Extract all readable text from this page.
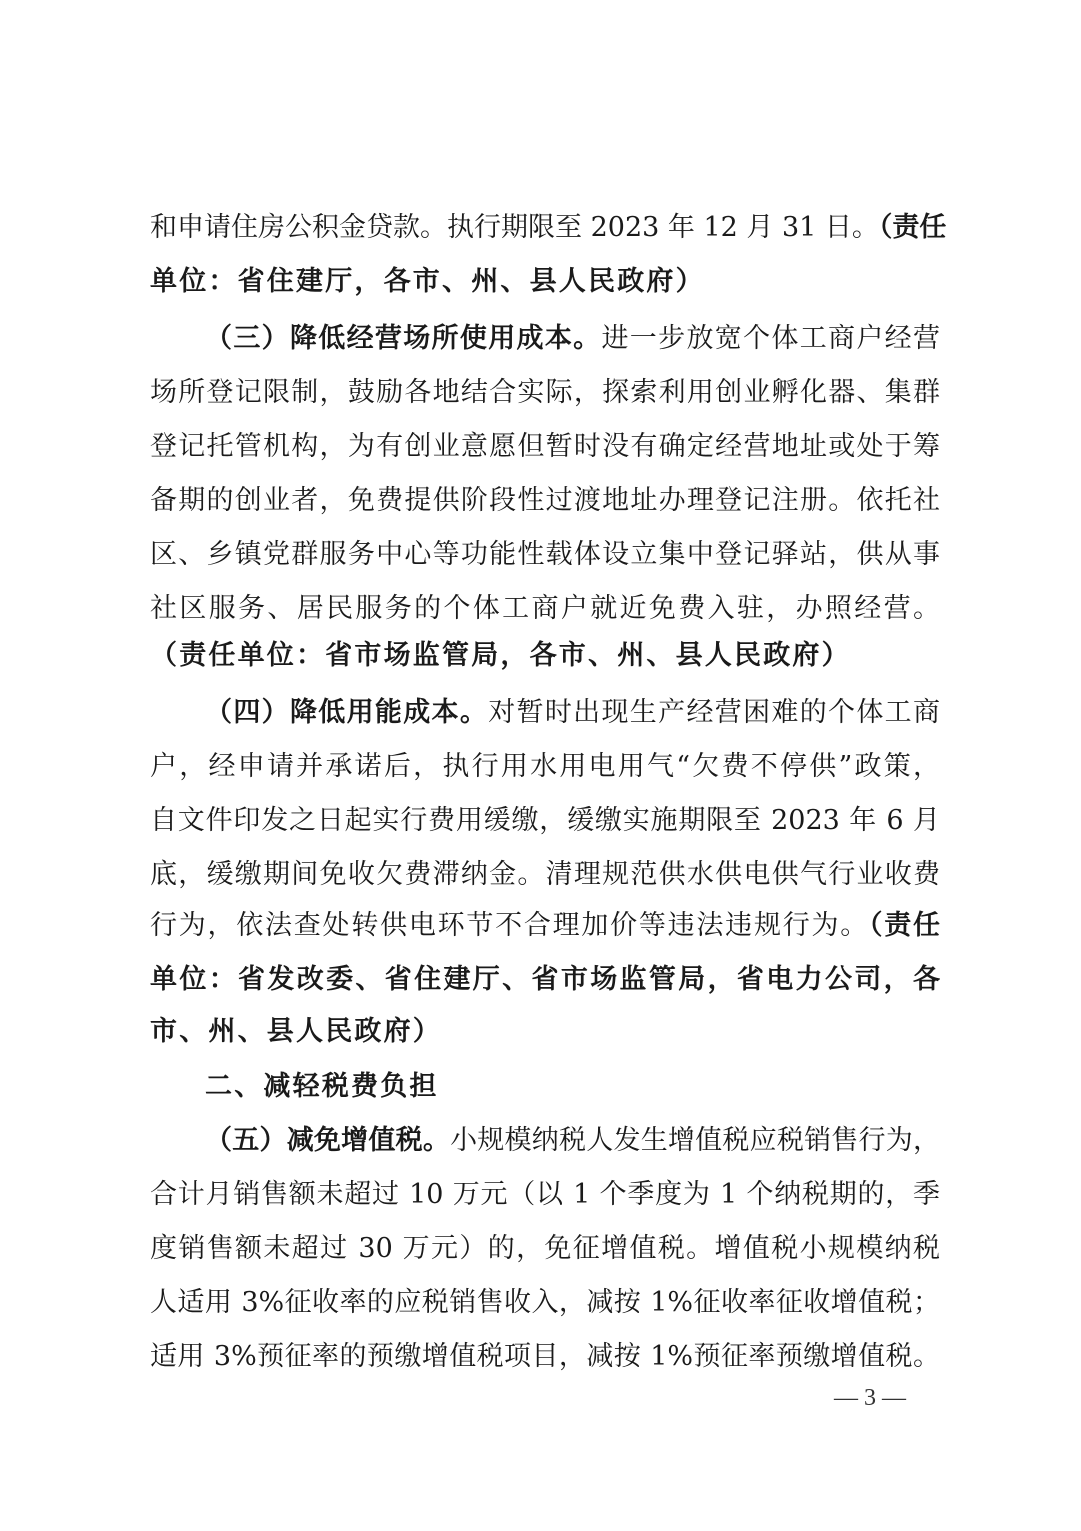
和申请住房公积金贷款。执行期限至 2023 年 12 月 31 日。（责任
单位：省住建厅，各市、州、县人民政府）
（三）降低经营场所使用成本。进一步放宽个体工商户经营
场所登记限制，鼓励各地结合实际，探索利用创业孵化器、集群
登记托管机构，为有创业意愿但暂时没有确定经营地址或处于筹
备期的创业者，免费提供阶段性过渡地址办理登记注册。依托社
区、乡镇党群服务中心等功能性载体设立集中登记驿站，供从事
社区服务、居民服务的个体工商户就近免费入驻，办照经营。
（责任单位：省市场监管局，各市、州、县人民政府）
（四）降低用能成本。对暂时出现生产经营困难的个体工商
户，经申请并承诺后，执行用水用电用气“欠费不停供”政策，
自文件印发之日起实行费用缓缴，缓缴实施期限至 2023 年 6 月
底，缓缴期间免收欠费滞纳金。清理规范供水供电供气行业收费
行为，依法查处转供电环节不合理加价等违法违规行为。（责任
单位：省发改委、省住建厅、省市场监管局，省电力公司，各
市、州、县人民政府）
二、减轻税费负担
（五）减免增值税。小规模纳税人发生增值税应税销售行为，
合计月销售额未超过 10 万元（以 1 个季度为 1 个纳税期的，季
度销售额未超过 30 万元）的，免征增值税。增值税小规模纳税
人适用 3%征收率的应税销售收入，减按 1%征收率征收增值税；
适用 3%预征率的预缴增值税项目，减按 1%预征率预缴增值税。
— 3 —
